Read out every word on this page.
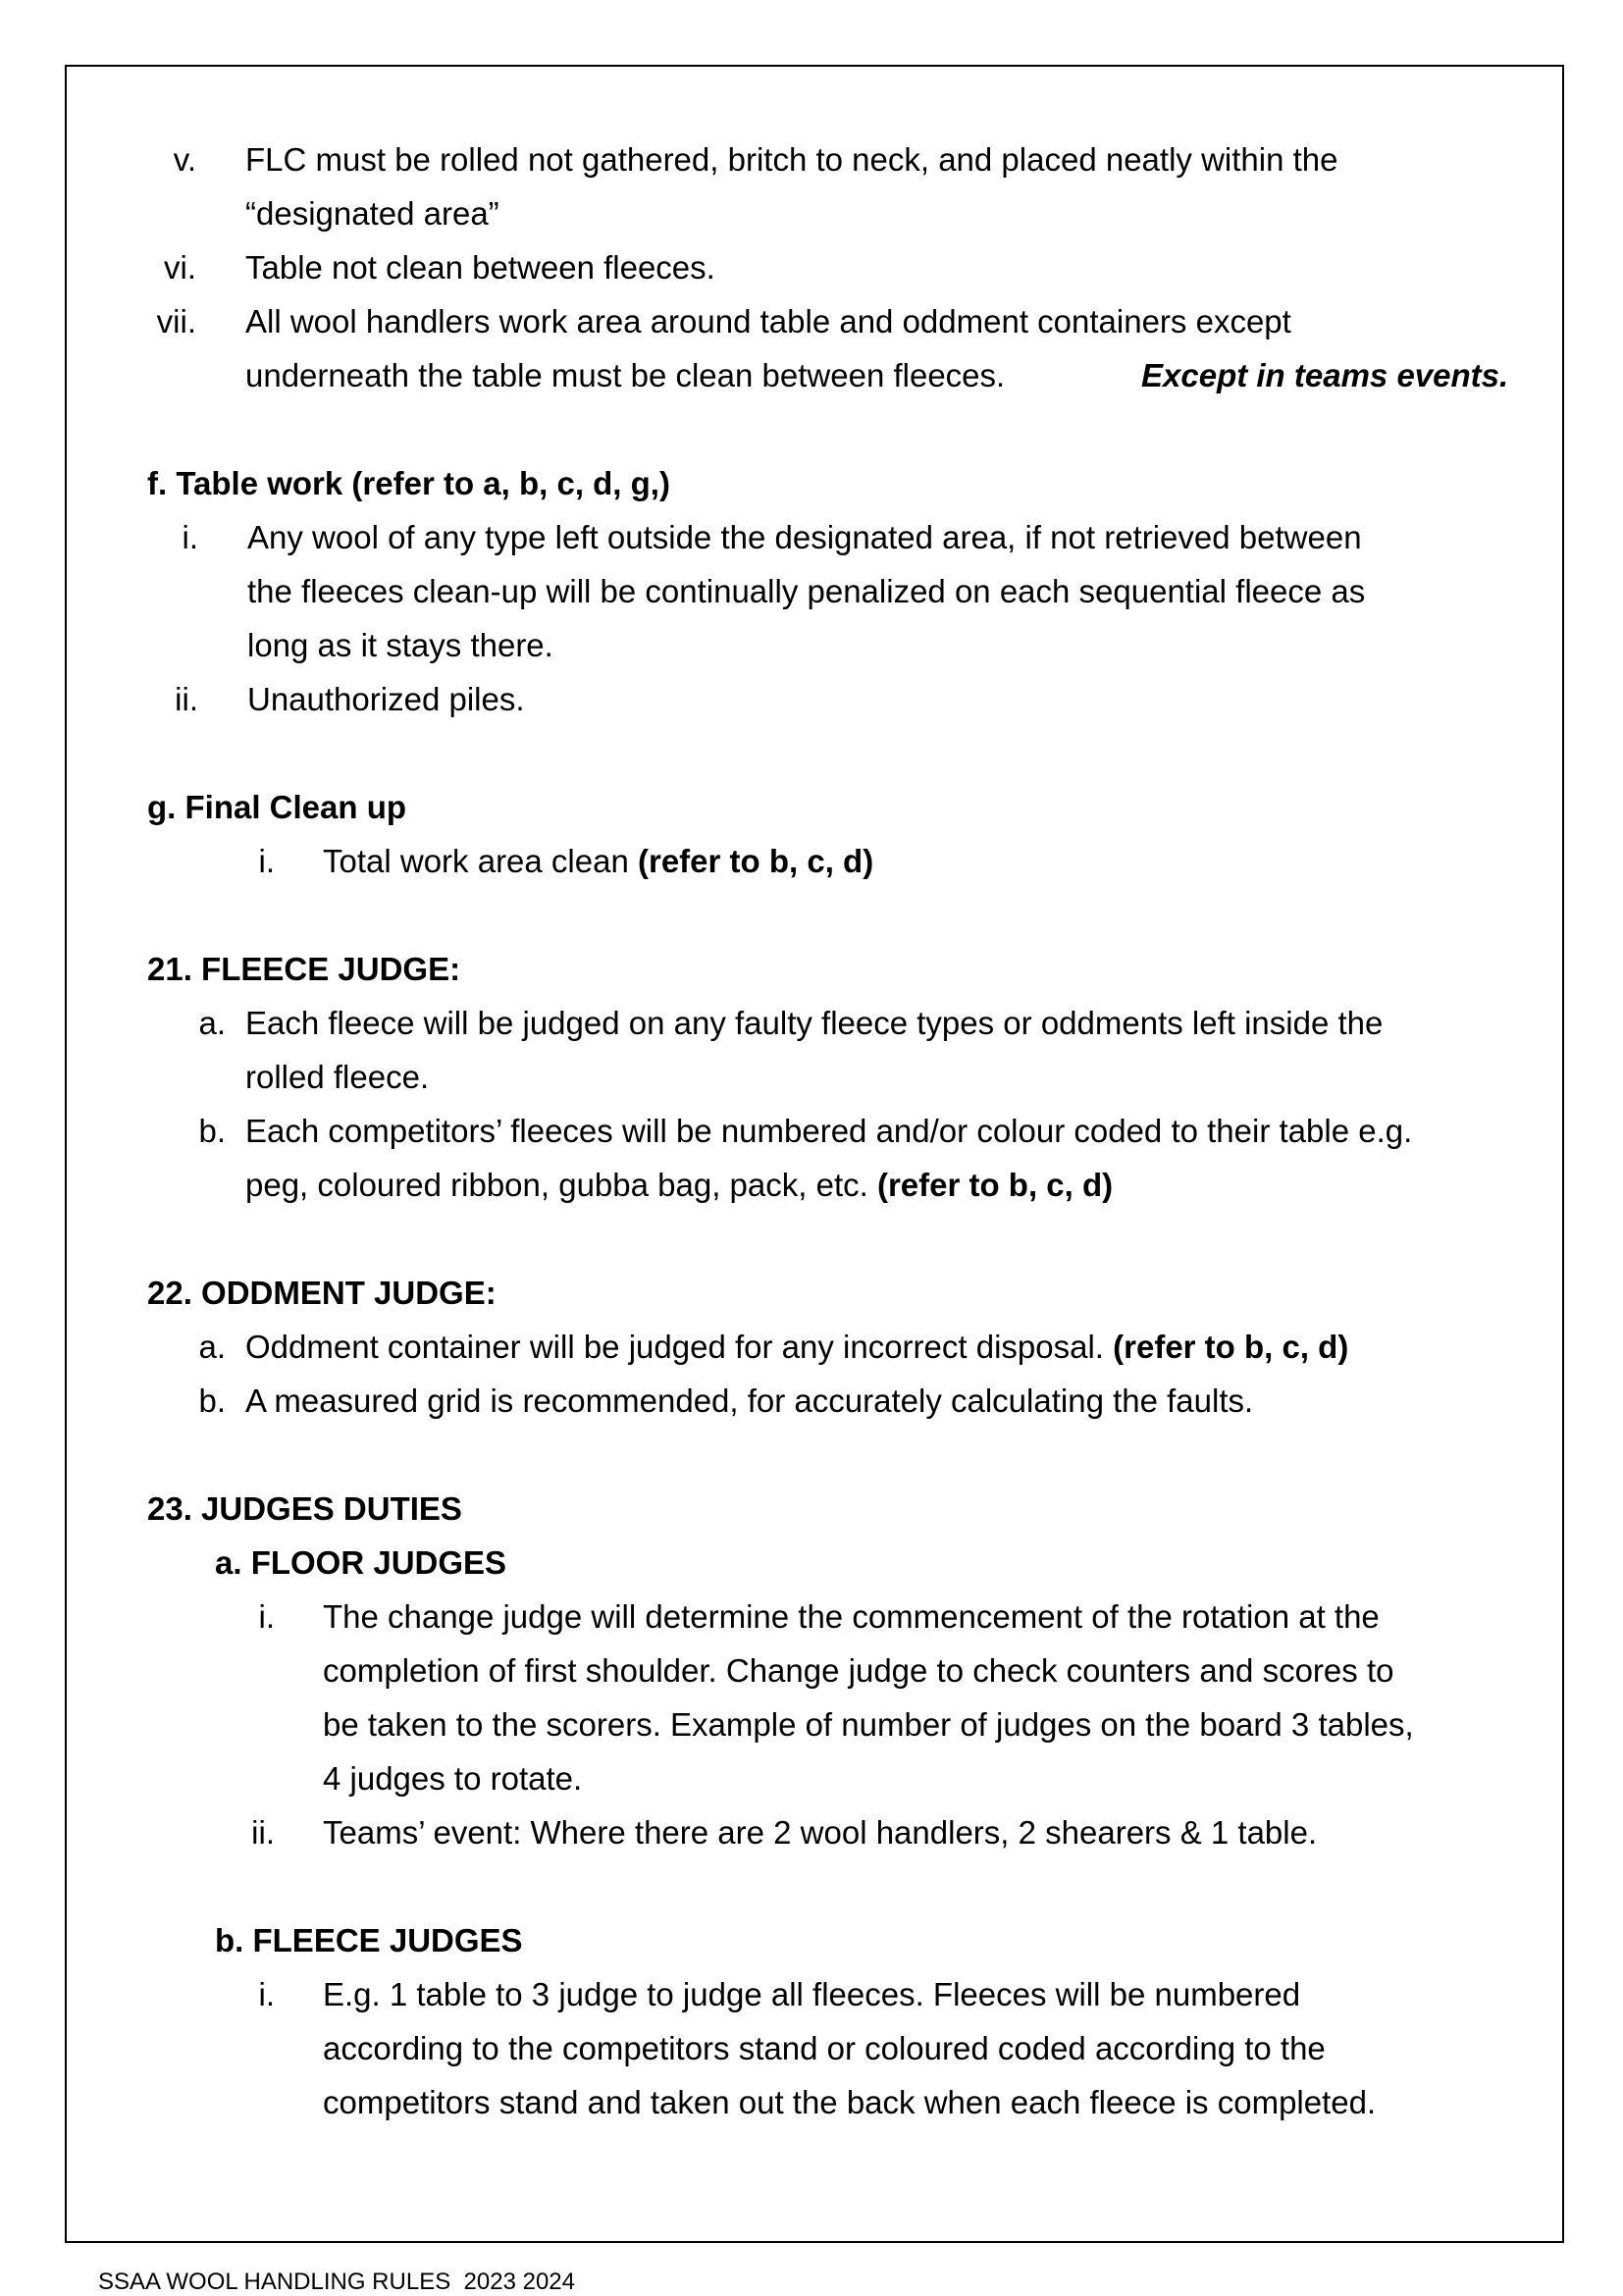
v. FLC must be rolled not gathered, britch to neck, and placed neatly within the
“designated area”
vi. Table not clean between fleeces.
vii. All wool handlers work area around table and oddment containers except
underneath the table must be clean between fleeces.	Except in teams events.
f. Table work (refer to a, b, c, d, g,)
i. Any wool of any type left outside the designated area, if not retrieved between
the fleeces clean-up will be continually penalized on each sequential fleece as
long as it stays there.
ii. Unauthorized piles.
g. Final Clean up
i. Total work area clean (refer to b, c, d)
21. FLEECE JUDGE:
a. Each fleece will be judged on any faulty fleece types or oddments left inside the
rolled fleece.
b. Each competitors’ fleeces will be numbered and/or colour coded to their table e.g.
peg, coloured ribbon, gubba bag, pack, etc. (refer to b, c, d)
22. ODDMENT JUDGE:
a. Oddment container will be judged for any incorrect disposal. (refer to b, c, d)
b. A measured grid is recommended, for accurately calculating the faults.
23. JUDGES DUTIES
a. FLOOR JUDGES
i. The change judge will determine the commencement of the rotation at the
completion of first shoulder. Change judge to check counters and scores to
be taken to the scorers. Example of number of judges on the board 3 tables,
4 judges to rotate.
ii. Teams’ event: Where there are 2 wool handlers, 2 shearers & 1 table.
b. FLEECE JUDGES
i. E.g. 1 table to 3 judge to judge all fleeces. Fleeces will be numbered
according to the competitors stand or coloured coded according to the
competitors stand and taken out the back when each fleece is completed.
SSAA WOOL HANDLING RULES  2023 2024
